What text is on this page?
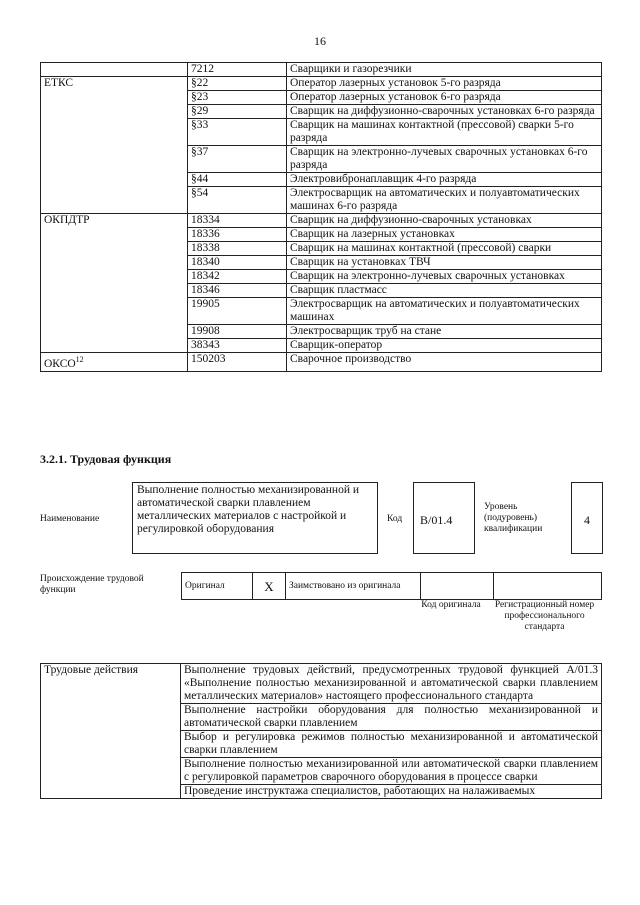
16
	7212	Сварщики и газорезчики
ЕТКС	§22	Оператор лазерных установок 5-го разряда
	§23	Оператор лазерных установок 6-го разряда
	§29	Сварщик на диффузионно-сварочных установках 6-го разряда
	§33	Сварщик на машинах контактной (прессовой) сварки 5-го разряда
	§37	Сварщик на электронно-лучевых сварочных установках 6-го разряда
	§44	Электровибронаплавщик 4-го разряда
	§54	Электросварщик на автоматических и полуавтоматических машинах 6-го разряда
ОКПДТР	18334	Сварщик на диффузионно-сварочных установках
	18336	Сварщик на лазерных установках
	18338	Сварщик на машинах контактной (прессовой) сварки
	18340	Сварщик на установках ТВЧ
	18342	Сварщик на электронно-лучевых сварочных установках
	18346	Сварщик пластмасс
	19905	Электросварщик на автоматических и полуавтоматических машинах
	19908	Электросварщик труб на стане
	38343	Сварщик-оператор
ОКСО$^{12}$	150203	Сварочное производство
3.2.1. Трудовая функция
Наименование
Выполнение полностью механизированной и автоматической сварки плавлением металлических материалов с настройкой и регулировкой оборудования
Код	B/01.4
Уровень (подуровень) квалификации
4
Происхождение трудовой функции	Оригинал	X	Заимствовано из оригинала		
Код оригинала	Регистрационный номер профессионального стандарта
Трудовые действия	Выполнение трудовых действий, предусмотренных трудовой функцией А/01.3 «Выполнение полностью механизированной и автоматической сварки плавлением металлических материалов» настоящего профессионального стандарта
Выполнение настройки оборудования для полностью механизированной и автоматической сварки плавлением
Выбор и регулировка режимов полностью механизированной и автоматической сварки плавлением
Выполнение полностью механизированной или автоматической сварки плавлением с регулировкой параметров сварочного оборудования в процессе сварки
Проведение инструктажа специалистов, работающих на налаживаемых
